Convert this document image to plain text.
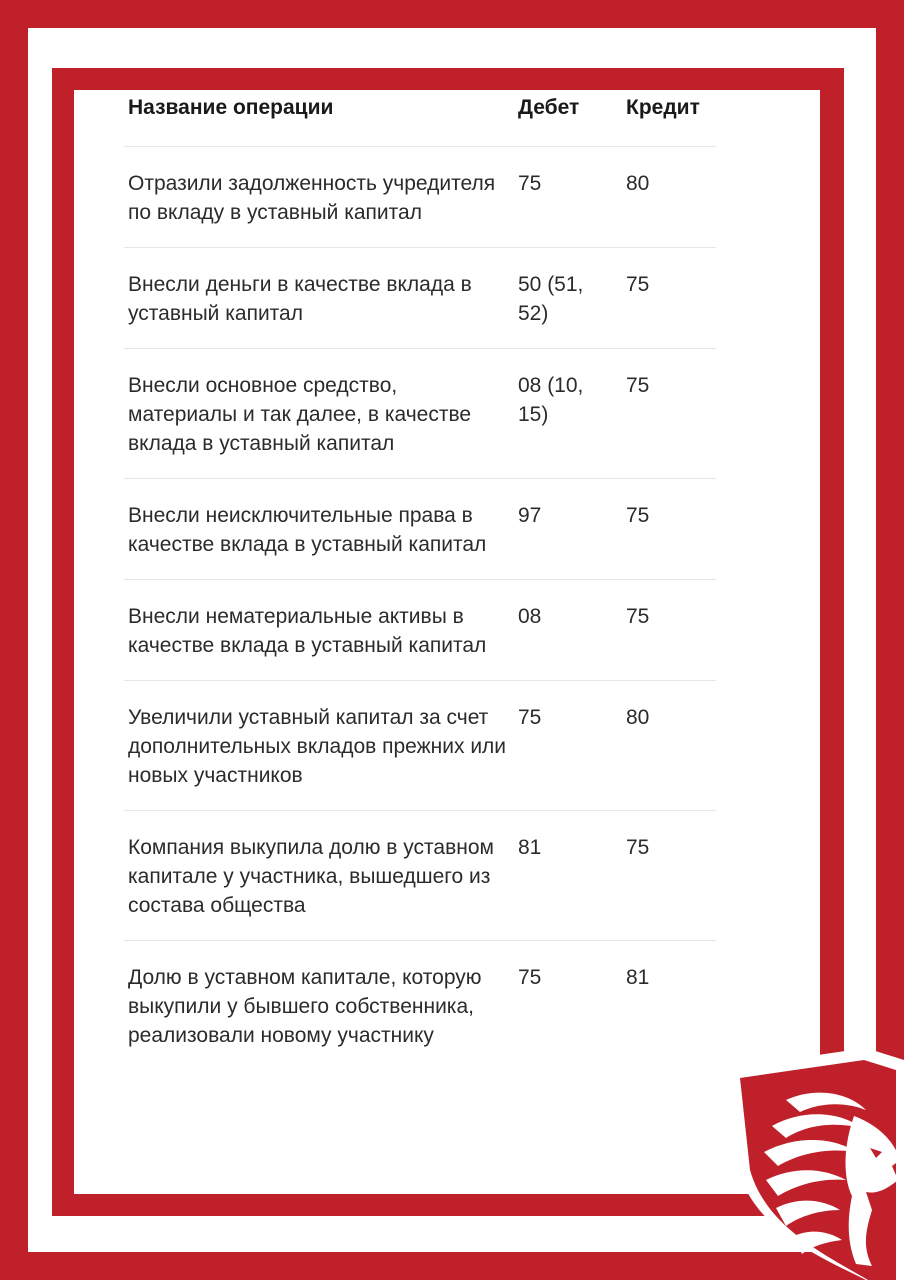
Название операции	Дебет	Кредит
Отразили задолженность учредителя по вкладу в уставный капитал	75	80
Внесли деньги в качестве вклада в уставный капитал	50 (51, 52)	75
Внесли основное средство, материалы и так далее, в качестве вклада в уставный капитал	08 (10, 15)	75
Внесли неисключительные права в качестве вклада в уставный капитал	97	75
Внесли нематериальные активы в качестве вклада в уставный капитал	08	75
Увеличили уставный капитал за счет дополнительных вкладов прежних или новых участников	75	80
Компания выкупила долю в уставном капитале у участника, вышедшего из состава общества	81	75
Долю в уставном капитале, которую выкупили у бывшего собственника, реализовали новому участнику	75	81
